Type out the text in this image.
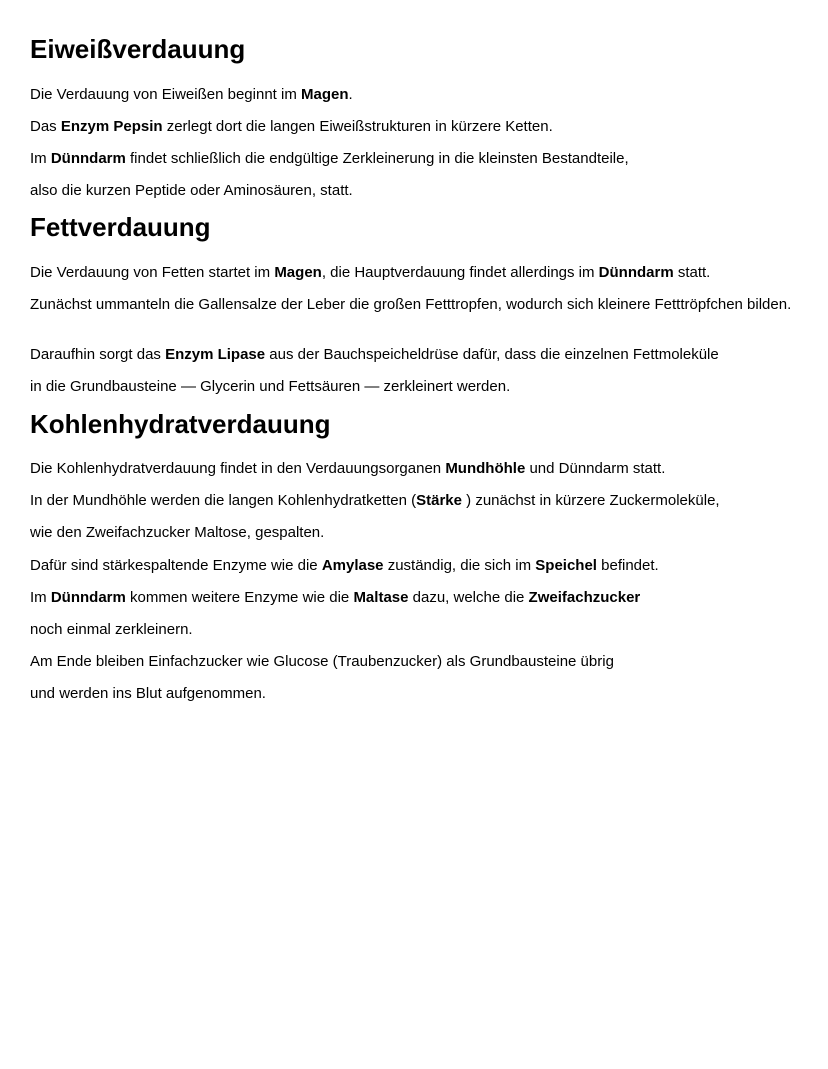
Eiweißverdauung

Die Verdauung von Eiweißen beginnt im Magen.

Das Enzym Pepsin zerlegt dort die langen Eiweißstrukturen in kürzere Ketten.

Im Dünndarm findet schließlich die endgültige Zerkleinerung in die kleinsten Bestandteile,

also die kurzen Peptide oder Aminosäuren, statt.

Fettverdauung

Die Verdauung von Fetten startet im Magen, die Hauptverdauung findet allerdings im Dünndarm statt.

Zunächst ummanteln die Gallensalze der Leber die großen Fetttropfen, wodurch sich kleinere Fetttröpfchen bilden.

Daraufhin sorgt das Enzym Lipase aus der Bauchspeicheldrüse dafür, dass die einzelnen Fettmoleküle

in die Grundbausteine — Glycerin und Fettsäuren — zerkleinert werden.

Kohlenhydratverdauung

Die Kohlenhydratverdauung findet in den Verdauungsorganen Mundhöhle und Dünndarm statt.

In der Mundhöhle werden die langen Kohlenhydratketten (Stärke ) zunächst in kürzere Zuckermoleküle,

wie den Zweifachzucker Maltose, gespalten.

Dafür sind stärkespaltende Enzyme wie die Amylase zuständig, die sich im Speichel befindet.

Im Dünndarm kommen weitere Enzyme wie die Maltase dazu, welche die Zweifachzucker

noch einmal zerkleinern.

Am Ende bleiben Einfachzucker wie Glucose (Traubenzucker) als Grundbausteine übrig

und werden ins Blut aufgenommen.
